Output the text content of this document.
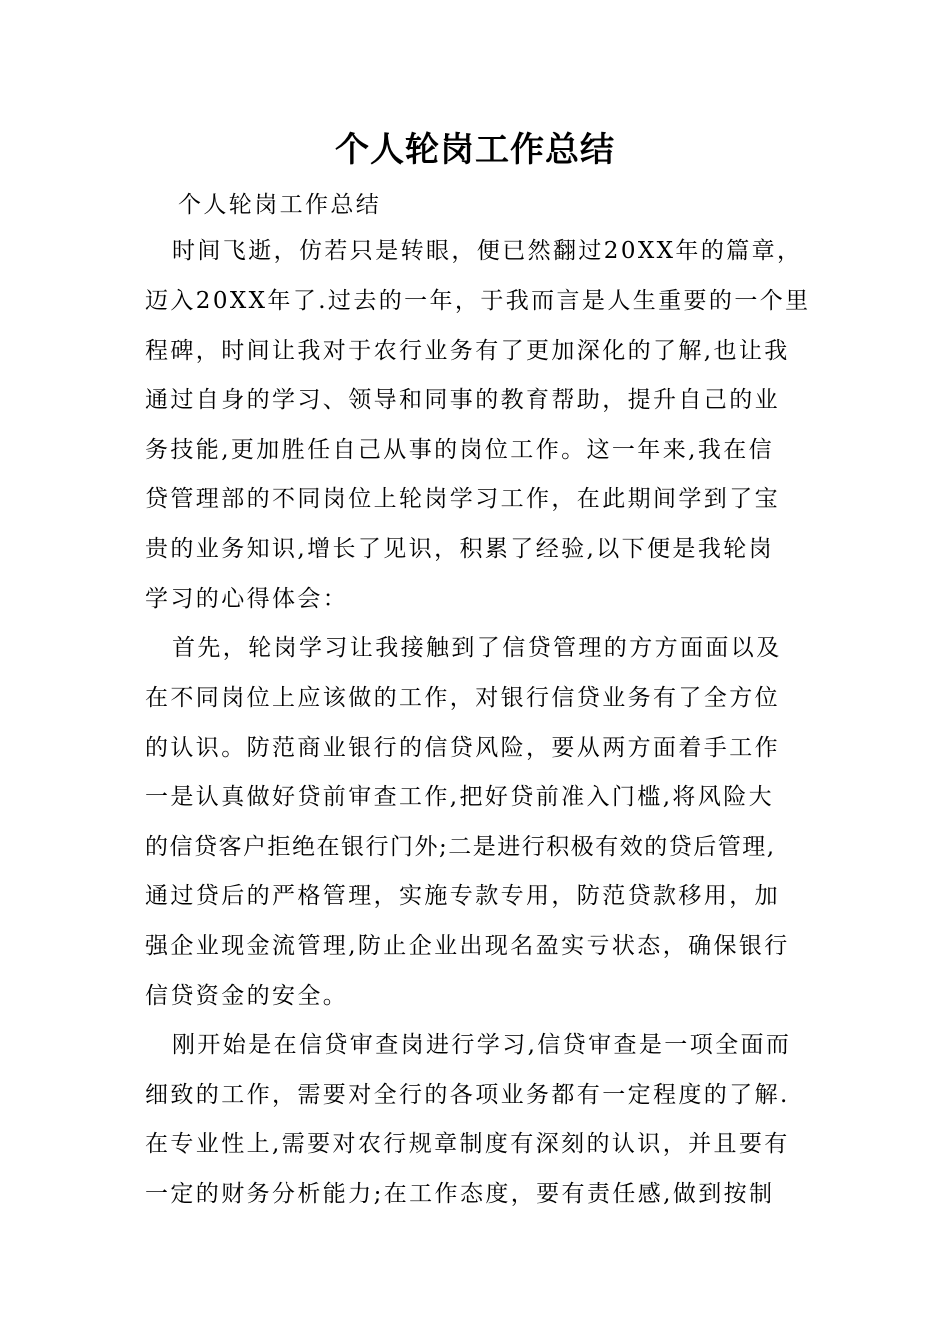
个人轮岗工作总结
个人轮岗工作总结
时间飞逝，仿若只是转眼，便已然翻过20XX年的篇章，
迈入20XX年了.过去的一年，于我而言是人生重要的一个里
程碑，时间让我对于农行业务有了更加深化的了解,也让我
通过自身的学习、领导和同事的教育帮助，提升自己的业
务技能,更加胜任自己从事的岗位工作。这一年来,我在信
贷管理部的不同岗位上轮岗学习工作，在此期间学到了宝
贵的业务知识,增长了见识，积累了经验,以下便是我轮岗
学习的心得体会：
首先，轮岗学习让我接触到了信贷管理的方方面面以及
在不同岗位上应该做的工作，对银行信贷业务有了全方位
的认识。防范商业银行的信贷风险，要从两方面着手工作
一是认真做好贷前审查工作,把好贷前准入门槛,将风险大
的信贷客户拒绝在银行门外;二是进行积极有效的贷后管理,
通过贷后的严格管理，实施专款专用，防范贷款移用，加
强企业现金流管理,防止企业出现名盈实亏状态，确保银行
信贷资金的安全。
刚开始是在信贷审查岗进行学习,信贷审查是一项全面而
细致的工作，需要对全行的各项业务都有一定程度的了解.
在专业性上,需要对农行规章制度有深刻的认识，并且要有
一定的财务分析能力;在工作态度，要有责任感,做到按制
